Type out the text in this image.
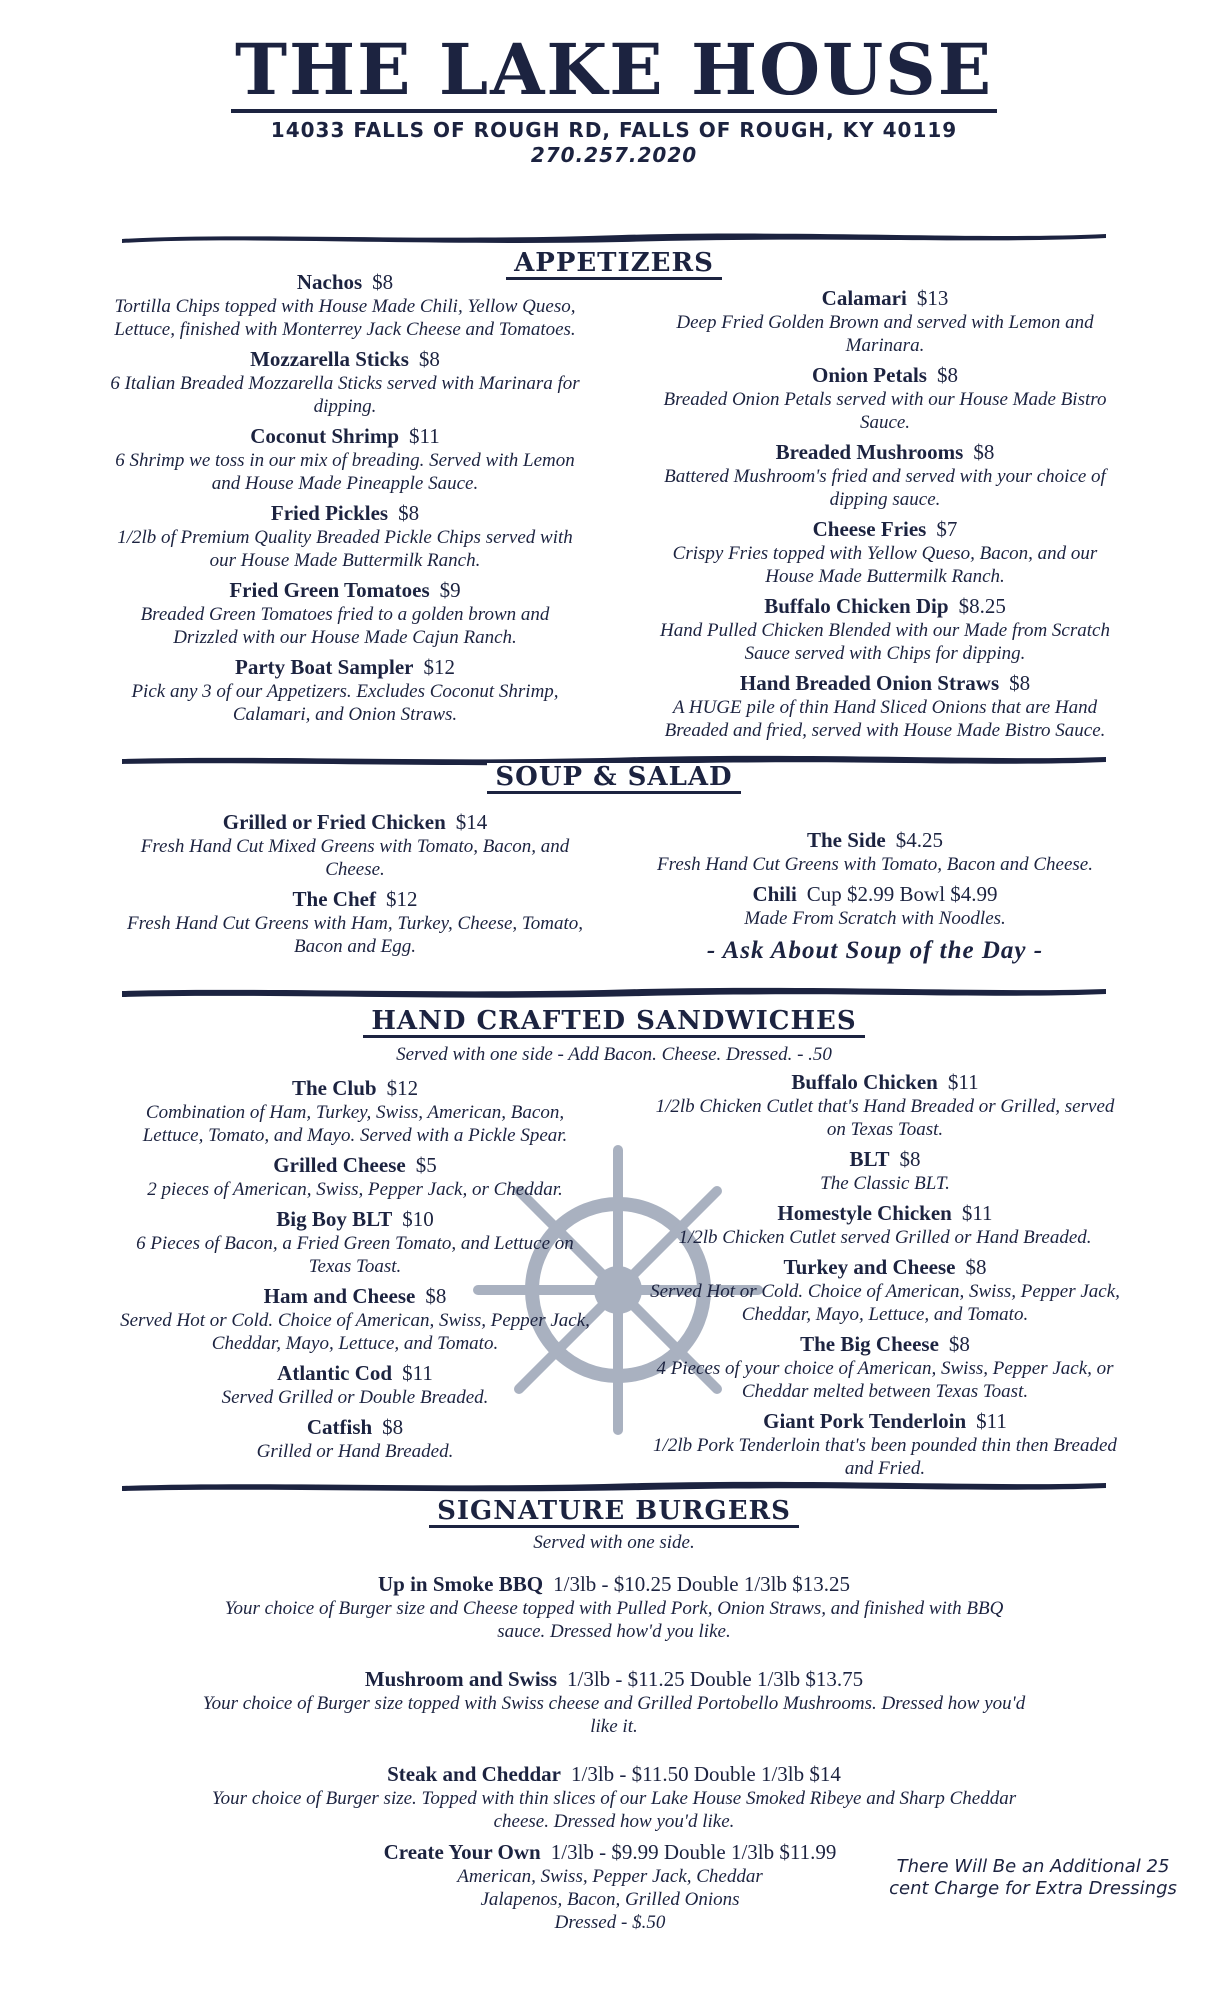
THE LAKE HOUSE
14033 FALLS OF ROUGH RD, FALLS OF ROUGH, KY 40119
270.257.2020
APPETIZERS
Nachos $8
Tortilla Chips topped with House Made Chili, Yellow Queso, Lettuce, finished with Monterrey Jack Cheese and Tomatoes.
Mozzarella Sticks $8
6 Italian Breaded Mozzarella Sticks served with Marinara for dipping.
Coconut Shrimp $11
6 Shrimp we toss in our mix of breading. Served with Lemon and House Made Pineapple Sauce.
Fried Pickles $8
1/2lb of Premium Quality Breaded Pickle Chips served with our House Made Buttermilk Ranch.
Fried Green Tomatoes $9
Breaded Green Tomatoes fried to a golden brown and Drizzled with our House Made Cajun Ranch.
Party Boat Sampler $12
Pick any 3 of our Appetizers. Excludes Coconut Shrimp, Calamari, and Onion Straws.
Calamari $13
Deep Fried Golden Brown and served with Lemon and Marinara.
Onion Petals $8
Breaded Onion Petals served with our House Made Bistro Sauce.
Breaded Mushrooms $8
Battered Mushroom's fried and served with your choice of dipping sauce.
Cheese Fries $7
Crispy Fries topped with Yellow Queso, Bacon, and our House Made Buttermilk Ranch.
Buffalo Chicken Dip $8.25
Hand Pulled Chicken Blended with our Made from Scratch Sauce served with Chips for dipping.
Hand Breaded Onion Straws $8
A HUGE pile of thin Hand Sliced Onions that are Hand Breaded and fried, served with House Made Bistro Sauce.
SOUP & SALAD
Grilled or Fried Chicken $14
Fresh Hand Cut Mixed Greens with Tomato, Bacon, and Cheese.
The Chef $12
Fresh Hand Cut Greens with Ham, Turkey, Cheese, Tomato, Bacon and Egg.
The Side $4.25
Fresh Hand Cut Greens with Tomato, Bacon and Cheese.
Chili Cup $2.99 Bowl $4.99
Made From Scratch with Noodles.
- Ask About Soup of the Day -
HAND CRAFTED SANDWICHES
Served with one side - Add Bacon. Cheese. Dressed. - .50
The Club $12
Combination of Ham, Turkey, Swiss, American, Bacon, Lettuce, Tomato, and Mayo. Served with a Pickle Spear.
Grilled Cheese $5
2 pieces of American, Swiss, Pepper Jack, or Cheddar.
Big Boy BLT $10
6 Pieces of Bacon, a Fried Green Tomato, and Lettuce on Texas Toast.
Ham and Cheese $8
Served Hot or Cold. Choice of American, Swiss, Pepper Jack, Cheddar, Mayo, Lettuce, and Tomato.
Atlantic Cod $11
Served Grilled or Double Breaded.
Catfish $8
Grilled or Hand Breaded.
Buffalo Chicken $11
1/2lb Chicken Cutlet that's Hand Breaded or Grilled, served on Texas Toast.
BLT $8
The Classic BLT.
Homestyle Chicken $11
1/2lb Chicken Cutlet served Grilled or Hand Breaded.
Turkey and Cheese $8
Served Hot or Cold. Choice of American, Swiss, Pepper Jack, Cheddar, Mayo, Lettuce, and Tomato.
The Big Cheese $8
4 Pieces of your choice of American, Swiss, Pepper Jack, or Cheddar melted between Texas Toast.
Giant Pork Tenderloin $11
1/2lb Pork Tenderloin that's been pounded thin then Breaded and Fried.
SIGNATURE BURGERS
Served with one side.
Up in Smoke BBQ 1/3lb - $10.25 Double 1/3lb $13.25
Your choice of Burger size and Cheese topped with Pulled Pork, Onion Straws, and finished with BBQ sauce. Dressed how'd you like.
Mushroom and Swiss 1/3lb - $11.25 Double 1/3lb $13.75
Your choice of Burger size topped with Swiss cheese and Grilled Portobello Mushrooms. Dressed how you'd like it.
Steak and Cheddar 1/3lb - $11.50 Double 1/3lb $14
Your choice of Burger size. Topped with thin slices of our Lake House Smoked Ribeye and Sharp Cheddar cheese. Dressed how you'd like.
Create Your Own 1/3lb - $9.99 Double 1/3lb $11.99
American, Swiss, Pepper Jack, Cheddar
Jalapenos, Bacon, Grilled Onions
Dressed - $.50
There Will Be an Additional 25 cent Charge for Extra Dressings
